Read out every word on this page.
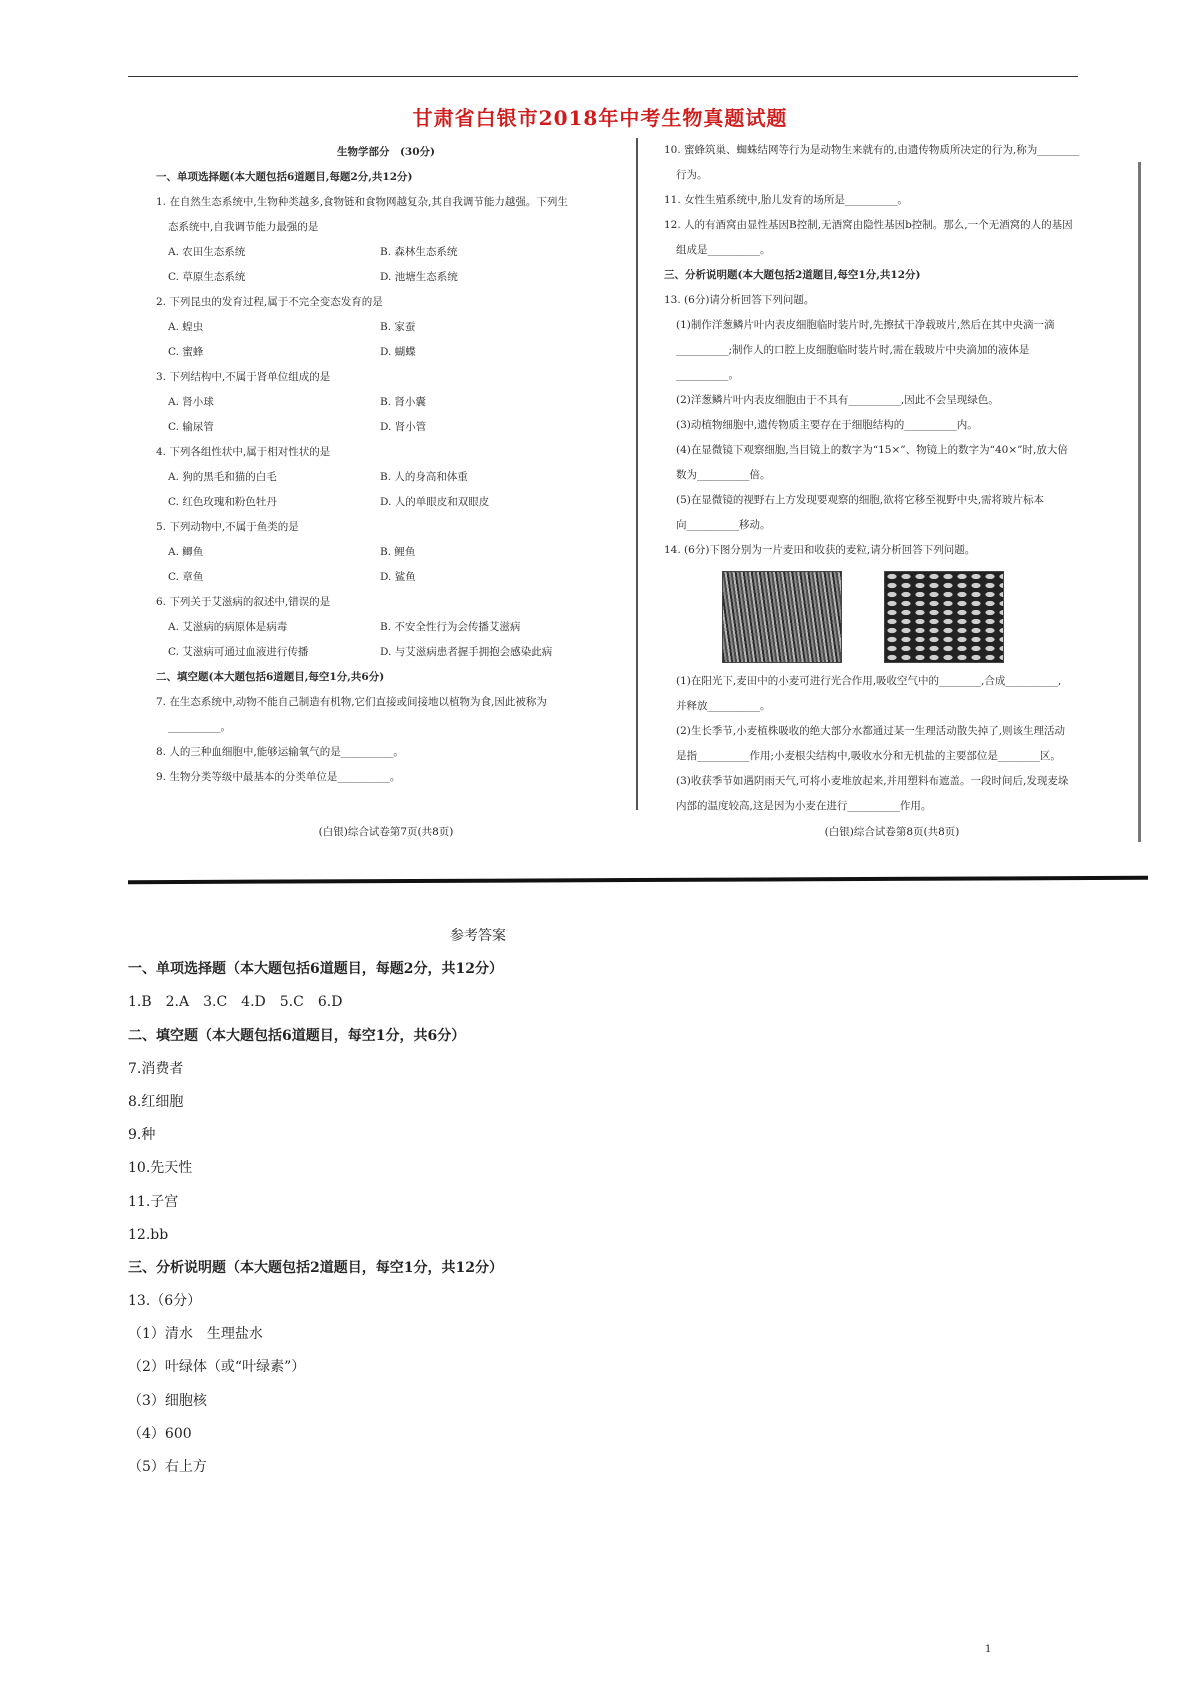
甘肃省白银市2018年中考生物真题试题

生物学部分　(30分)

一、单项选择题(本大题包括6道题目,每题2分,共12分)

1. 在自然生态系统中,生物种类越多,食物链和食物网越复杂,其自我调节能力越强。下列生

态系统中,自我调节能力最强的是

A. 农田生态系统	B. 森林生态系统

C. 草原生态系统	D. 池塘生态系统

2. 下列昆虫的发育过程,属于不完全变态发育的是

A. 蝗虫	B. 家蚕

C. 蜜蜂	D. 蝴蝶

3. 下列结构中,不属于肾单位组成的是

A. 肾小球	B. 肾小囊

C. 输尿管	D. 肾小管

4. 下列各组性状中,属于相对性状的是

A. 狗的黑毛和猫的白毛	B. 人的身高和体重

C. 红色玫瑰和粉色牡丹	D. 人的单眼皮和双眼皮

5. 下列动物中,不属于鱼类的是

A. 鲫鱼	B. 鲤鱼

C. 章鱼	D. 鲨鱼

6. 下列关于艾滋病的叙述中,错误的是

A. 艾滋病的病原体是病毒	B. 不安全性行为会传播艾滋病

C. 艾滋病可通过血液进行传播	D. 与艾滋病患者握手拥抱会感染此病

二、填空题(本大题包括6道题目,每空1分,共6分)

7. 在生态系统中,动物不能自己制造有机物,它们直接或间接地以植物为食,因此被称为

__________。

8. 人的三种血细胞中,能够运输氧气的是__________。

9. 生物分类等级中最基本的分类单位是__________。

10. 蜜蜂筑巢、蜘蛛结网等行为是动物生来就有的,由遗传物质所决定的行为,称为________

行为。

11. 女性生殖系统中,胎儿发育的场所是__________。

12. 人的有酒窝由显性基因B控制,无酒窝由隐性基因b控制。那么,一个无酒窝的人的基因

组成是__________。

三、分析说明题(本大题包括2道题目,每空1分,共12分)

13. (6分)请分析回答下列问题。

(1)制作洋葱鳞片叶内表皮细胞临时装片时,先擦拭干净载玻片,然后在其中央滴一滴

__________;制作人的口腔上皮细胞临时装片时,需在载玻片中央滴加的液体是

__________。

(2)洋葱鳞片叶内表皮细胞由于不具有__________,因此不会呈现绿色。

(3)动植物细胞中,遗传物质主要存在于细胞结构的__________内。

(4)在显微镜下观察细胞,当目镜上的数字为“15×”、物镜上的数字为“40×”时,放大倍

数为__________倍。

(5)在显微镜的视野右上方发现要观察的细胞,欲将它移至视野中央,需将玻片标本

向__________移动。

14. (6分)下图分别为一片麦田和收获的麦粒,请分析回答下列问题。

(1)在阳光下,麦田中的小麦可进行光合作用,吸收空气中的________,合成__________,

并释放__________。

(2)生长季节,小麦植株吸收的绝大部分水都通过某一生理活动散失掉了,则该生理活动

是指__________作用;小麦根尖结构中,吸收水分和无机盐的主要部位是________区。

(3)收获季节如遇阴雨天气,可将小麦堆放起来,并用塑料布遮盖。一段时间后,发现麦垛

内部的温度较高,这是因为小麦在进行__________作用。

(白银)综合试卷第7页(共8页)	(白银)综合试卷第8页(共8页)

参考答案

一、单项选择题（本大题包括6道题目，每题2分，共12分）

1.B　2.A　3.C　4.D　5.C　6.D

二、填空题（本大题包括6道题目，每空1分，共6分）

7.消费者

8.红细胞

9.种

10.先天性

11.子宫

12.bb

三、分析说明题（本大题包括2道题目，每空1分，共12分）

13.（6分）

（1）清水　生理盐水

（2）叶绿体（或“叶绿素”）

（3）细胞核

（4）600

（5）右上方

1
